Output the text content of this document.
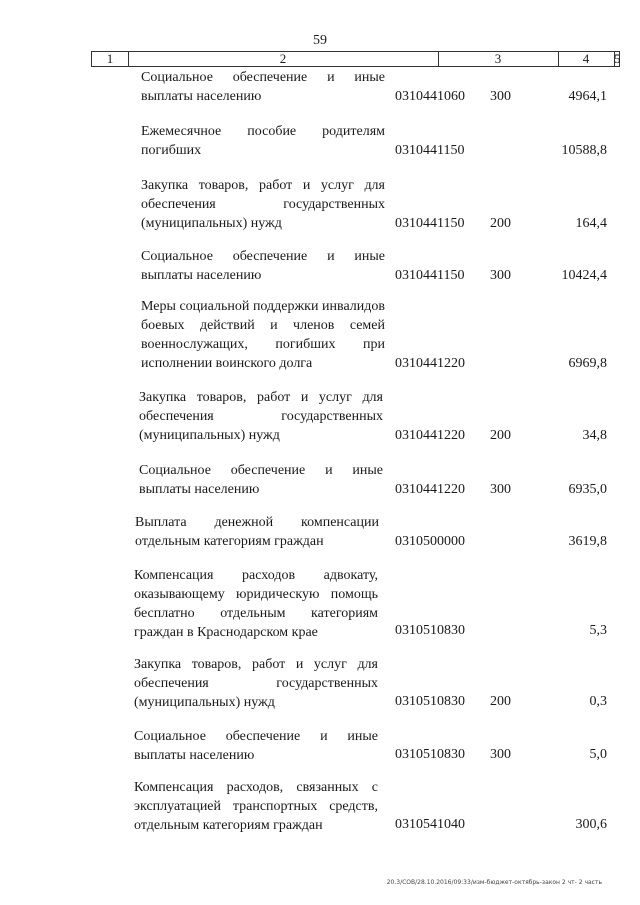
59
1	2	3	4	5
Социальное обеспечение и иные выплаты населению	0310441060 300	4964,1
Ежемесячное пособие родителям погибших	0310441150	10588,8
Закупка товаров, работ и услуг для обеспечения государственных (муниципальных) нужд	0310441150 200	164,4
Социальное обеспечение и иные выплаты населению	0310441150 300	10424,4
Меры социальной поддержки инвалидов боевых действий и членов семей военнослужащих, погибших при исполнении воинского долга	0310441220	6969,8
Закупка товаров, работ и услуг для обеспечения государственных (муниципальных) нужд	0310441220 200	34,8
Социальное обеспечение и иные выплаты населению	0310441220 300	6935,0
Выплата денежной компенсации отдельным категориям граждан	0310500000	3619,8
Компенсация расходов адвокату, оказывающему юридическую помощь бесплатно отдельным категориям граждан в Краснодарском крае	0310510830	5,3
Закупка товаров, работ и услуг для обеспечения государственных (муниципальных) нужд	0310510830 200	0,3
Социальное обеспечение и иные выплаты населению	0310510830 300	5,0
Компенсация расходов, связанных с эксплуатацией транспортных средств, отдельным категориям граждан	0310541040	300,6
20.3/СОВ/28.10.2016/09:33/изм-бюджет-октябрь-закон 2 чт- 2 часть
